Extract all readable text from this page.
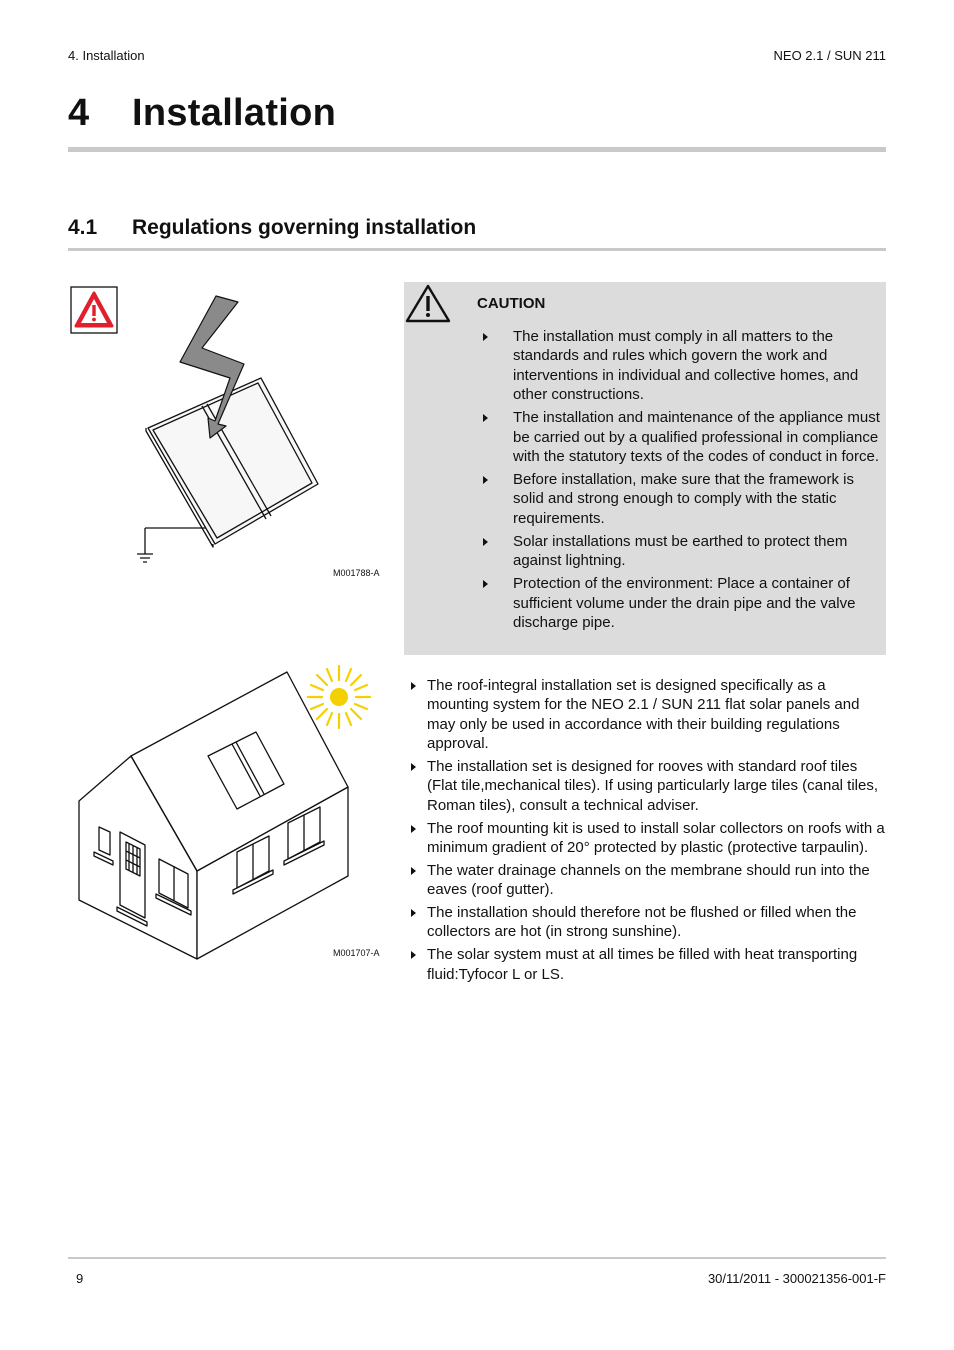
4. Installation	NEO 2.1 / SUN 211
4 Installation
4.1 Regulations governing installation
M001788-A
CAUTION
The installation must comply in all matters to the standards and rules which govern the work and interventions in individual and collective homes, and other constructions.
The installation and maintenance of the appliance must be carried out by a qualified professional in compliance with the statutory texts of the codes of conduct in force.
Before installation, make sure that the framework is solid and strong enough to comply with the static requirements.
Solar installations must be earthed to protect them against lightning.
Protection of the environment: Place a container of sufficient volume under the drain pipe and the valve discharge pipe.
M001707-A
The roof-integral installation set is designed specifically as a mounting system for the NEO 2.1 / SUN 211 flat solar panels and may only be used in accordance with their building regulations approval.
The installation set is designed for rooves with standard roof tiles (Flat tile,mechanical tiles). If using particularly large tiles (canal tiles, Roman tiles), consult a technical adviser.
The roof mounting kit is used to install solar collectors on roofs with a minimum gradient of 20° protected by plastic (protective tarpaulin).
The water drainage channels on the membrane should run into the eaves (roof gutter).
The installation should therefore not be flushed or filled when the collectors are hot (in strong sunshine).
The solar system must at all times be filled with heat transporting fluid:Tyfocor L or LS.
9	30/11/2011 - 300021356-001-F
